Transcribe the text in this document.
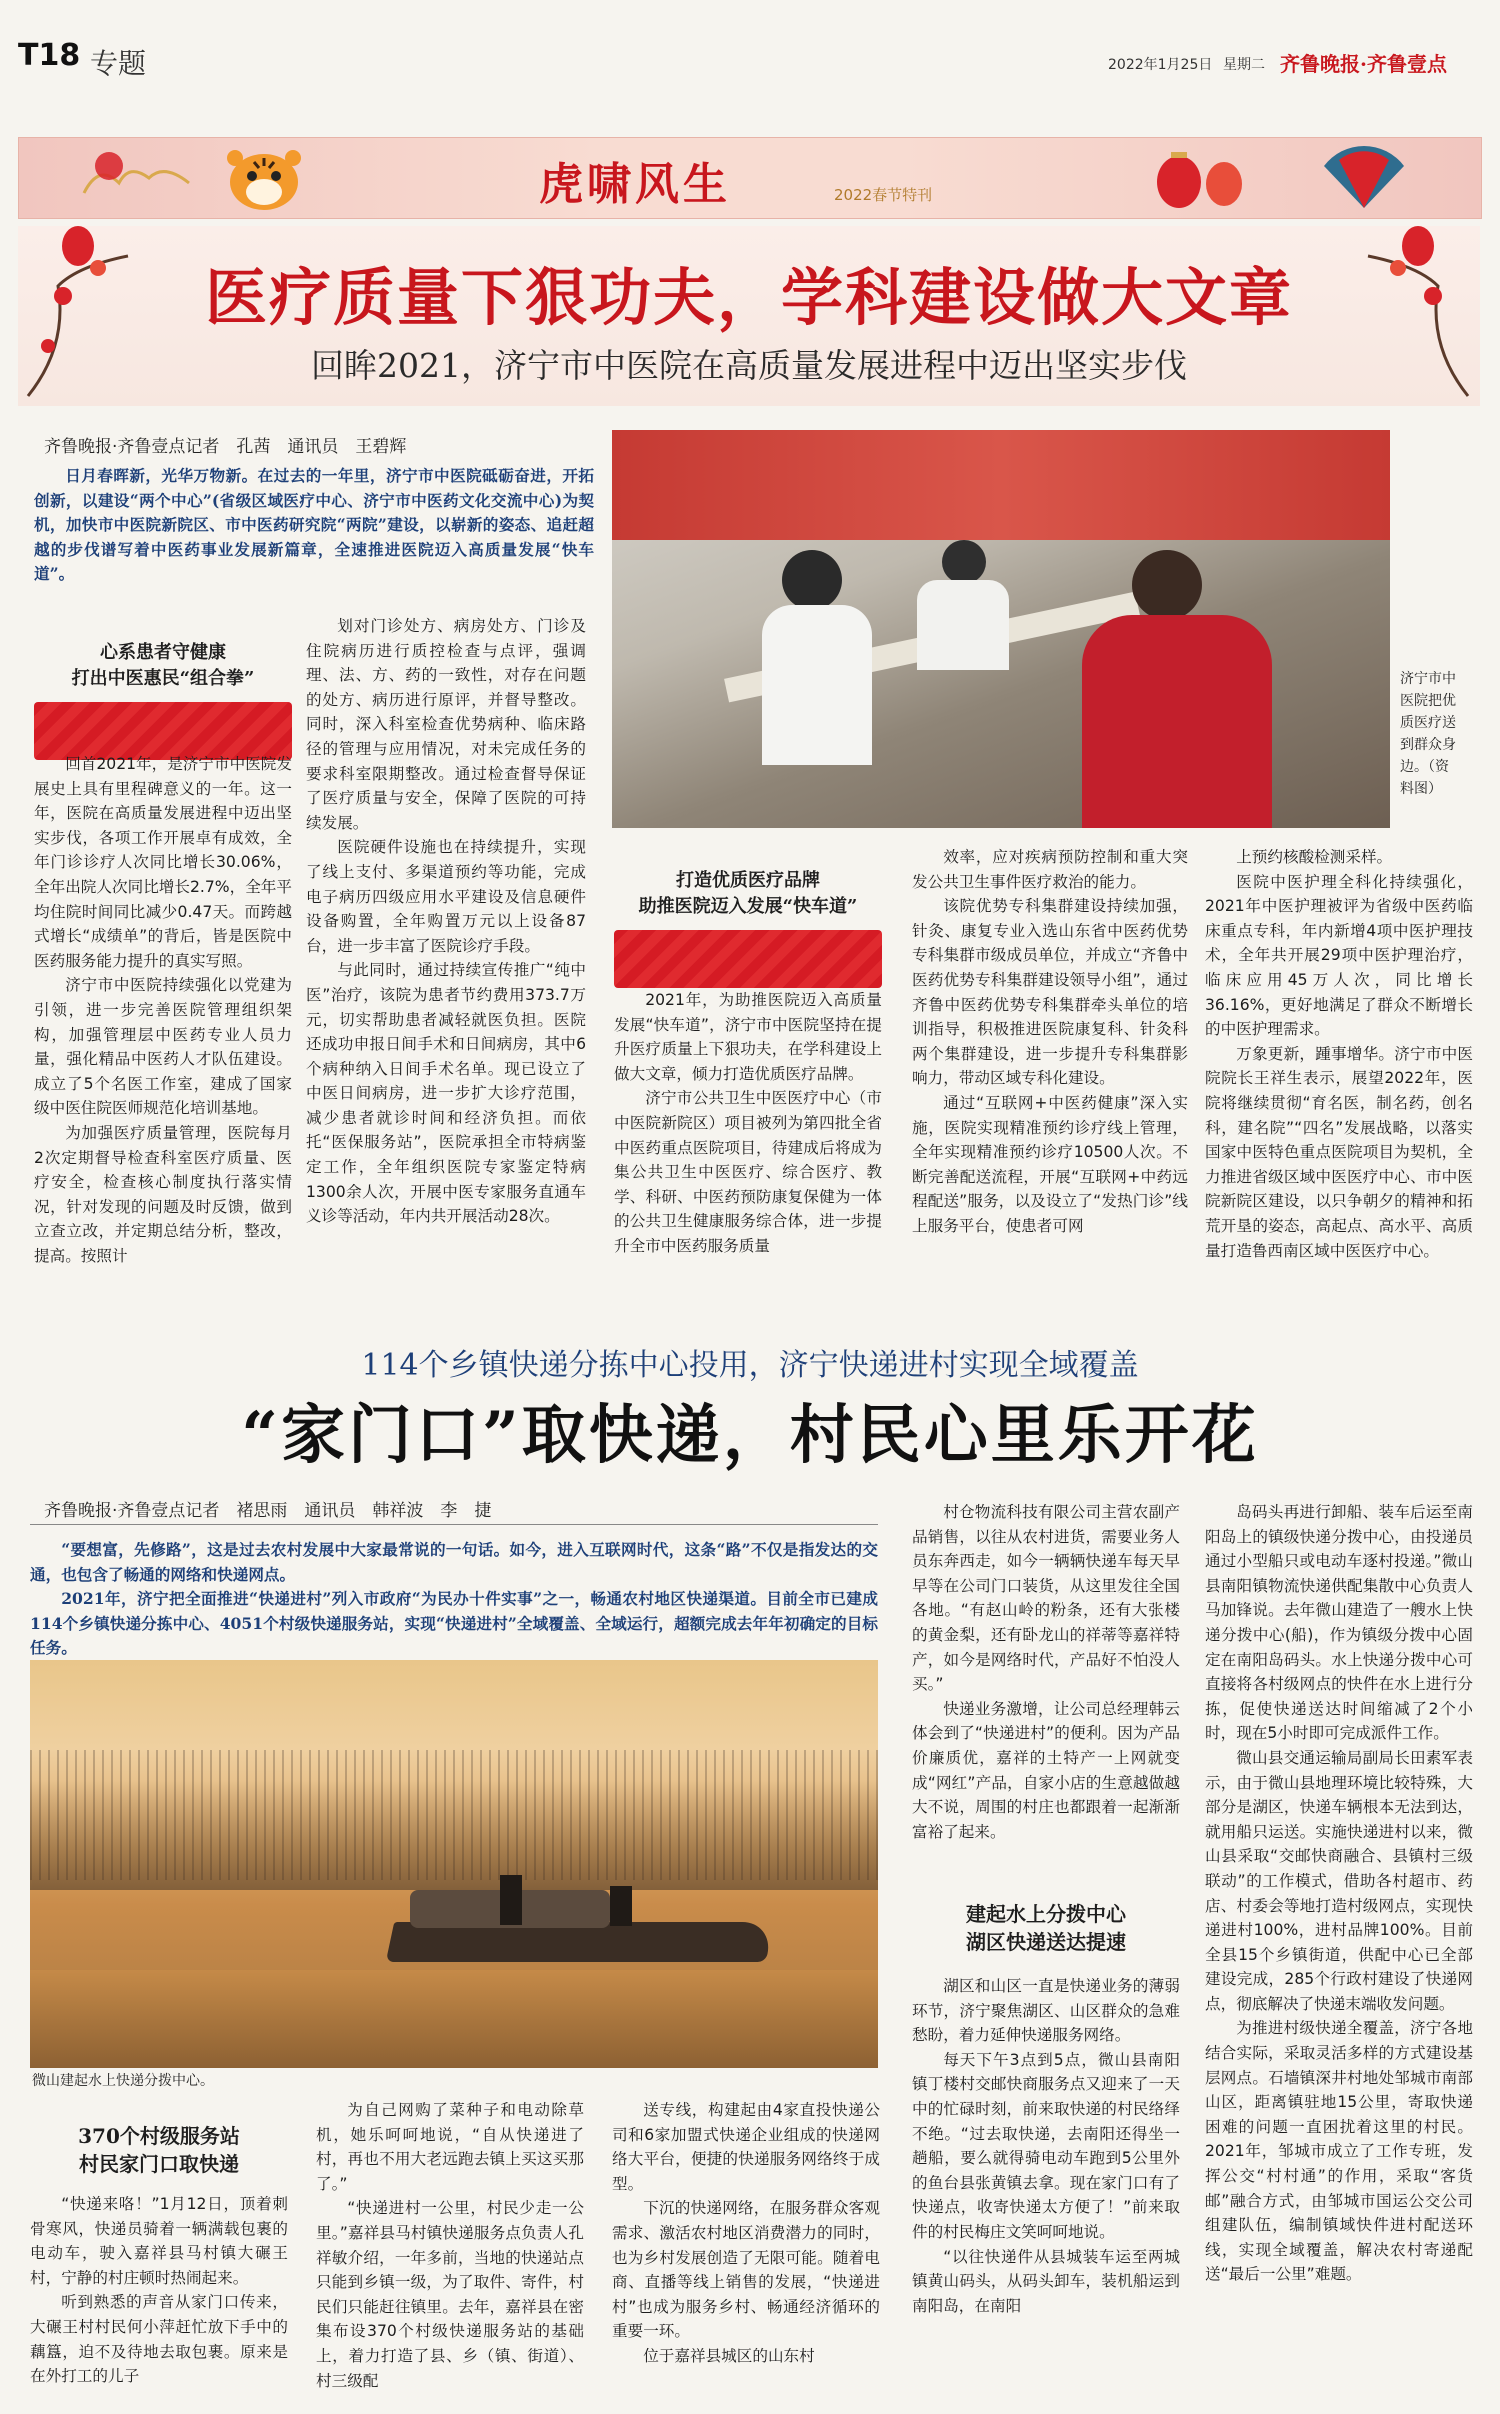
T18 专题	2022年1月25日 星期二 齐鲁晚报·齐鲁壹点
虎啸风生	2022春节特刊
医疗质量下狠功夫，学科建设做大文章
回眸2021，济宁市中医院在高质量发展进程中迈出坚实步伐
齐鲁晚报·齐鲁壹点记者　孔茜　通讯员　王碧辉

日月春晖新，光华万物新。在过去的一年里，济宁市中医院砥砺奋进，开拓创新，以建设“两个中心”(省级区域医疗中心、济宁市中医药文化交流中心)为契机，加快市中医院新院区、市中医药研究院“两院”建设，以崭新的姿态、追赶超越的步伐谱写着中医药事业发展新篇章，全速推进医院迈入高质量发展“快车道”。

济宁市中医院把优质医疗送到群众身边。（资料图）
心系患者守健康
打出中医惠民“组合拳”

回首2021年，是济宁市中医院发展史上具有里程碑意义的一年。这一年，医院在高质量发展进程中迈出坚实步伐，各项工作开展卓有成效，全年门诊诊疗人次同比增长30.06%，全年出院人次同比增长2.7%，全年平均住院时间同比减少0.47天。而跨越式增长“成绩单”的背后，皆是医院中医药服务能力提升的真实写照。

济宁市中医院持续强化以党建为引领，进一步完善医院管理组织架构，加强管理层中医药专业人员力量，强化精品中医药人才队伍建设。成立了5个名医工作室，建成了国家级中医住院医师规范化培训基地。

为加强医疗质量管理，医院每月2次定期督导检查科室医疗质量、医疗安全，检查核心制度执行落实情况，针对发现的问题及时反馈，做到立查立改，并定期总结分析，整改，提高。按照计

划对门诊处方、病房处方、门诊及住院病历进行质控检查与点评，强调理、法、方、药的一致性，对存在问题的处方、病历进行原评，并督导整改。同时，深入科室检查优势病种、临床路径的管理与应用情况，对未完成任务的要求科室限期整改。通过检查督导保证了医疗质量与安全，保障了医院的可持续发展。

医院硬件设施也在持续提升，实现了线上支付、多渠道预约等功能，完成电子病历四级应用水平建设及信息硬件设备购置，全年购置万元以上设备87台，进一步丰富了医院诊疗手段。

与此同时，通过持续宣传推广“纯中医”治疗，该院为患者节约费用373.7万元，切实帮助患者减轻就医负担。医院还成功申报日间手术和日间病房，其中6个病种纳入日间手术名单。现已设立了中医日间病房，进一步扩大诊疗范围，减少患者就诊时间和经济负担。而依托“医保服务站”，医院承担全市特病鉴定工作，全年组织医院专家鉴定特病1300余人次，开展中医专家服务直通车义诊等活动，年内共开展活动28次。

打造优质医疗品牌
助推医院迈入发展“快车道”

2021年，为助推医院迈入高质量发展“快车道”，济宁市中医院坚持在提升医疗质量上下狠功夫，在学科建设上做大文章，倾力打造优质医疗品牌。

济宁市公共卫生中医医疗中心（市中医院新院区）项目被列为第四批全省中医药重点医院项目，待建成后将成为集公共卫生中医医疗、综合医疗、教学、科研、中医药预防康复保健为一体的公共卫生健康服务综合体，进一步提升全市中医药服务质量

效率，应对疾病预防控制和重大突发公共卫生事件医疗救治的能力。

该院优势专科集群建设持续加强，针灸、康复专业入选山东省中医药优势专科集群市级成员单位，并成立“齐鲁中医药优势专科集群建设领导小组”，通过齐鲁中医药优势专科集群牵头单位的培训指导，积极推进医院康复科、针灸科两个集群建设，进一步提升专科集群影响力，带动区域专科化建设。

通过“互联网+中医药健康”深入实施，医院实现精准预约诊疗线上管理，全年实现精准预约诊疗10500人次。不断完善配送流程，开展“互联网+中药远程配送”服务，以及设立了“发热门诊”线上服务平台，使患者可网

上预约核酸检测采样。

医院中医护理全科化持续强化，2021年中医护理被评为省级中医药临床重点专科，年内新增4项中医护理技术，全年共开展29项中医护理治疗，临床应用45万人次，同比增长36.16%，更好地满足了群众不断增长的中医护理需求。

万象更新，踵事增华。济宁市中医院院长王祥生表示，展望2022年，医院将继续贯彻“育名医，制名药，创名科，建名院”“四名”发展战略，以落实国家中医特色重点医院项目为契机，全力推进省级区域中医医疗中心、市中医院新院区建设，以只争朝夕的精神和拓荒开垦的姿态，高起点、高水平、高质量打造鲁西南区域中医医疗中心。

114个乡镇快递分拣中心投用，济宁快递进村实现全域覆盖
“家门口”取快递，村民心里乐开花
齐鲁晚报·齐鲁壹点记者　褚思雨　通讯员　韩祥波　李　捷

“要想富，先修路”，这是过去农村发展中大家最常说的一句话。如今，进入互联网时代，这条“路”不仅是指发达的交通，也包含了畅通的网络和快递网点。

2021年，济宁把全面推进“快递进村”列入市政府“为民办十件实事”之一，畅通农村地区快递渠道。目前全市已建成114个乡镇快递分拣中心、4051个村级快递服务站，实现“快递进村”全域覆盖、全域运行，超额完成去年年初确定的目标任务。

微山建起水上快递分拨中心。
370个村级服务站
村民家门口取快递

“快递来咯！”1月12日，顶着刺骨寒风，快递员骑着一辆满载包裹的电动车，驶入嘉祥县马村镇大碾王村，宁静的村庄顿时热闹起来。

听到熟悉的声音从家门口传来，大碾王村村民何小萍赶忙放下手中的藕簋，迫不及待地去取包裹。原来是在外打工的儿子

为自己网购了菜种子和电动除草机，她乐呵呵地说，“自从快递进了村，再也不用大老远跑去镇上买这买那了。”

“快递进村一公里，村民少走一公里。”嘉祥县马村镇快递服务点负责人孔祥敏介绍，一年多前，当地的快递站点只能到乡镇一级，为了取件、寄件，村民们只能赶往镇里。去年，嘉祥县在密集布设370个村级快递服务站的基础上，着力打造了县、乡（镇、街道）、村三级配

送专线，构建起由4家直投快递公司和6家加盟式快递企业组成的快递网络大平台，便捷的快递服务网络终于成型。

下沉的快递网络，在服务群众客观需求、激活农村地区消费潜力的同时，也为乡村发展创造了无限可能。随着电商、直播等线上销售的发展，“快递进村”也成为服务乡村、畅通经济循环的重要一环。

位于嘉祥县城区的山东村

村仓物流科技有限公司主营农副产品销售，以往从农村进货，需要业务人员东奔西走，如今一辆辆快递车每天早早等在公司门口装货，从这里发往全国各地。“有赵山岭的粉条，还有大张楼的黄金梨，还有卧龙山的祥蒂等嘉祥特产，如今是网络时代，产品好不怕没人买。”

快递业务激增，让公司总经理韩云体会到了“快递进村”的便利。因为产品价廉质优，嘉祥的土特产一上网就变成“网红”产品，自家小店的生意越做越大不说，周围的村庄也都跟着一起渐渐富裕了起来。

建起水上分拨中心
湖区快递送达提速

湖区和山区一直是快递业务的薄弱环节，济宁聚焦湖区、山区群众的急难愁盼，着力延伸快递服务网络。

每天下午3点到5点，微山县南阳镇丁楼村交邮快商服务点又迎来了一天中的忙碌时刻，前来取快递的村民络绎不绝。“过去取快递，去南阳还得坐一趟船，要么就得骑电动车跑到5公里外的鱼台县张黄镇去拿。现在家门口有了快递点，收寄快递太方便了！”前来取件的村民梅庄文笑呵呵地说。

“以往快递件从县城装车运至两城镇黄山码头，从码头卸车，装机船运到南阳岛，在南阳

岛码头再进行卸船、装车后运至南阳岛上的镇级快递分拨中心，由投递员通过小型船只或电动车逐村投递。”微山县南阳镇物流快递供配集散中心负责人马加锋说。去年微山建造了一艘水上快递分拨中心(船)，作为镇级分拨中心固定在南阳岛码头。水上快递分拨中心可直接将各村级网点的快件在水上进行分拣，促使快递送达时间缩减了2个小时，现在5小时即可完成派件工作。

微山县交通运输局副局长田素军表示，由于微山县地理环境比较特殊，大部分是湖区，快递车辆根本无法到达，就用船只运送。实施快递进村以来，微山县采取“交邮快商融合、县镇村三级联动”的工作模式，借助各村超市、药店、村委会等地打造村级网点，实现快递进村100%，进村品牌100%。目前全县15个乡镇街道，供配中心已全部建设完成，285个行政村建设了快递网点，彻底解决了快递末端收发问题。

为推进村级快递全覆盖，济宁各地结合实际，采取灵活多样的方式建设基层网点。石墙镇深井村地处邹城市南部山区，距离镇驻地15公里，寄取快递困难的问题一直困扰着这里的村民。2021年，邹城市成立了工作专班，发挥公交“村村通”的作用，采取“客货邮”融合方式，由邹城市国运公交公司组建队伍，编制镇域快件进村配送环线，实现全域覆盖，解决农村寄递配送“最后一公里”难题。
